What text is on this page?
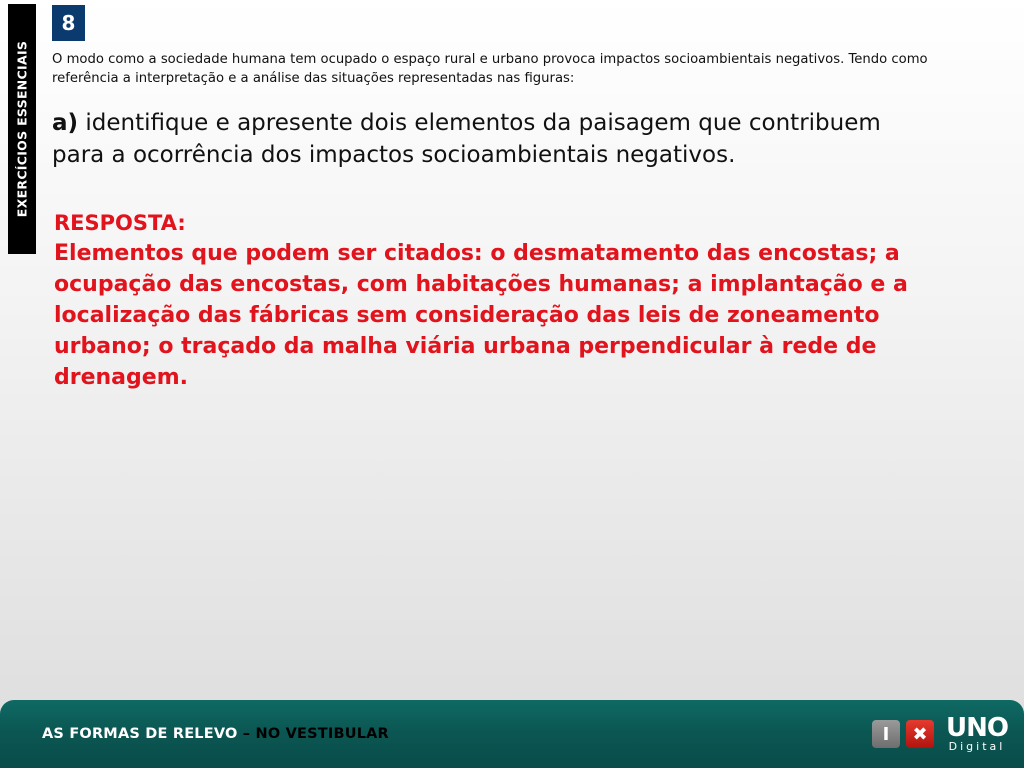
EXERCÍCIOS ESSENCIAIS
8
O modo como a sociedade humana tem ocupado o espaço rural e urbano provoca impactos socioambientais negativos. Tendo como referência a interpretação e a análise das situações representadas nas figuras:
a) identifique e apresente dois elementos da paisagem que contribuem para a ocorrência dos impactos socioambientais negativos.
RESPOSTA:
Elementos que podem ser citados: o desmatamento das encostas; a ocupação das encostas, com habitações humanas; a implantação e a localização das fábricas sem consideração das leis de zoneamento urbano; o traçado da malha viária urbana perpendicular à rede de drenagem.
AS FORMAS DE RELEVO – NO VESTIBULAR	I	✖ UNO
Digital
